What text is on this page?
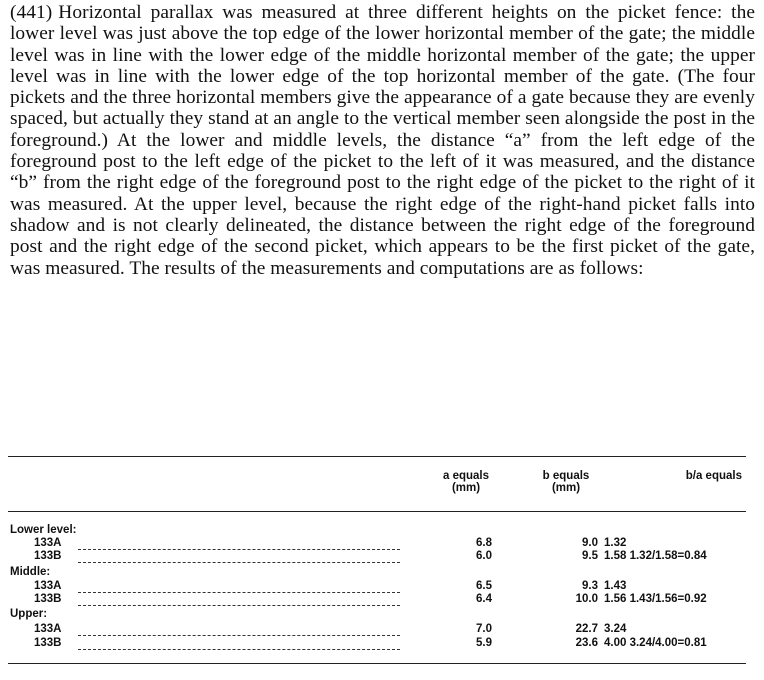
(441) Horizontal parallax was measured at three different heights on the picket fence: the lower level was just above the top edge of the lower horizontal member of the gate; the middle level was in line with the lower edge of the middle horizontal member of the gate; the upper level was in line with the lower edge of the top horizontal member of the gate. (The four pickets and the three horizontal members give the appearance of a gate because they are evenly spaced, but actually they stand at an angle to the vertical member seen alongside the post in the foreground.) At the lower and middle levels, the distance “a” from the left edge of the foreground post to the left edge of the picket to the left of it was measured, and the distance “b” from the right edge of the foreground post to the right edge of the picket to the right of it was measured. At the upper level, because the right edge of the right-hand picket falls into shadow and is not clearly delineated, the distance between the right edge of the foreground post and the right edge of the second picket, which appears to be the first picket of the gate, was measured. The results of the measurements and computations are as follows:

a equals
(mm)
b equals
(mm)
b/a equals
Lower level:
133A	6.8	9.0 1.32
133B	6.0	9.5 1.58 1.32/1.58=0.84
Middle:
133A	6.5	9.3 1.43
133B	6.4	10.0 1.56 1.43/1.56=0.92
Upper:
133A	7.0	22.7 3.24
133B	5.9	23.6 4.00 3.24/4.00=0.81
